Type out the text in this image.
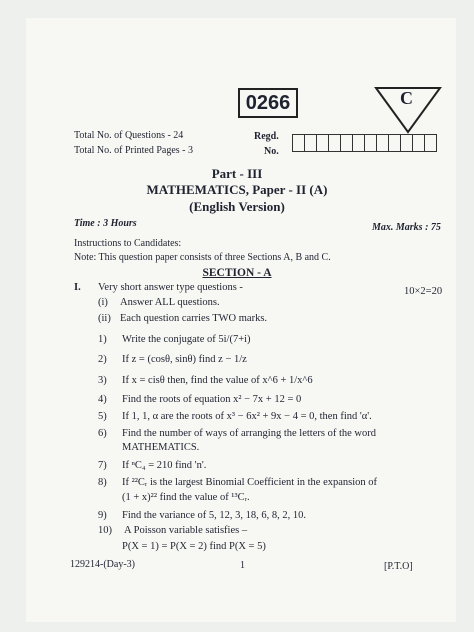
0266	C
Total No. of Questions - 24
Total No. of Printed Pages - 3
Regd.
No.
Part - III
MATHEMATICS, Paper - II (A)
(English Version)
Time : 3 Hours	Max. Marks : 75
Instructions to Candidates:
Note: This question paper consists of three Sections A, B and C.
SECTION - A
I. Very short answer type questions -	10×2=20
(i) Answer ALL questions.
(ii) Each question carries TWO marks.
1) Write the conjugate of 5i/(7+i)
2) If z = (cosθ, sinθ) find z − 1/z
3) If x = cisθ then, find the value of x^6 + 1/x^6
4) Find the roots of equation x² − 7x + 12 = 0
5) If 1, 1, α are the roots of x³ − 6x² + 9x − 4 = 0, then find 'α'.
6) Find the number of ways of arranging the letters of the word
MATHEMATICS.
7) If ⁿC₄ = 210 find 'n'.
8) If ²²Cᵣ is the largest Binomial Coefficient in the expansion of
(1 + x)²² find the value of ¹³Cᵣ.
9) Find the variance of 5, 12, 3, 18, 6, 8, 2, 10.
10) A Poisson variable satisfies –
P(X = 1) = P(X = 2) find P(X = 5)
129214-(Day-3)	1	[P.T.O]
